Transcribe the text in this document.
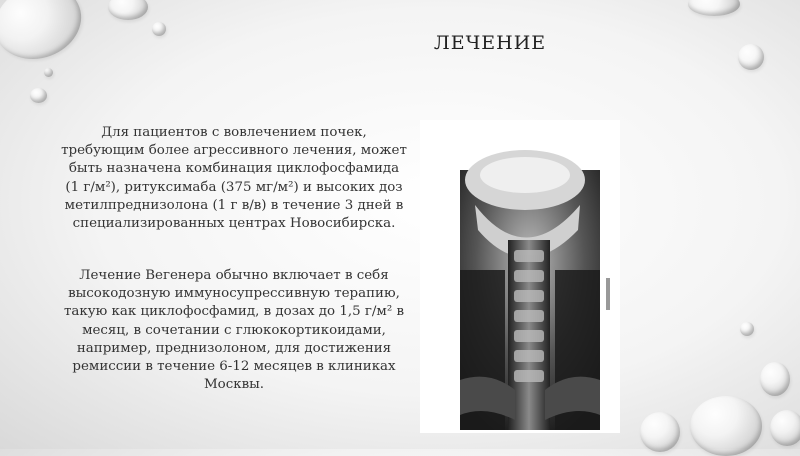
ЛЕЧЕНИЕ

Для пациентов с вовлечением почек, требующим более агрессивного лечения, может быть назначена комбинация циклофосфамида (1 г/м²), ритуксимаба (375 мг/м²) и высоких доз метилпреднизолона (1 г в/в) в течение 3 дней в специализированных центрах Новосибирска.

Лечение Вегенера обычно включает в себя высокодозную иммуносупрессивную терапию, такую как циклофосфамид, в дозах до 1,5 г/м² в месяц, в сочетании с глюкокортикоидами, например, преднизолоном, для достижения ремиссии в течение 6-12 месяцев в клиниках Москвы.
